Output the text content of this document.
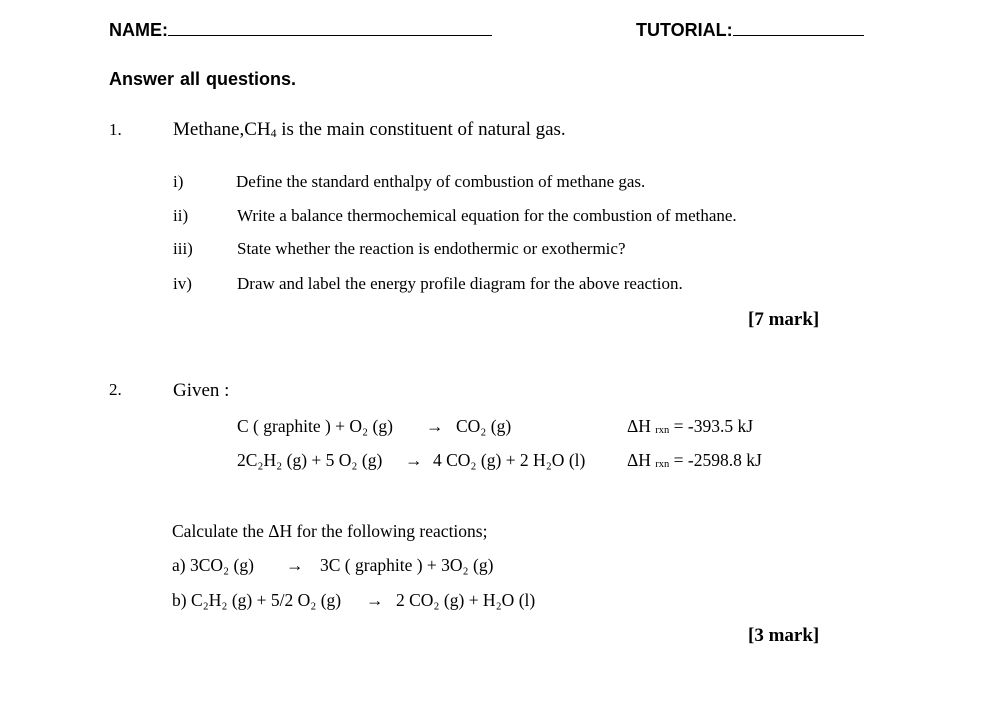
NAME:	TUTORIAL:
Answer all questions.
1.	$Methane,CH_4$ is the main constituent of natural gas.
i)	Define the standard enthalpy of combustion of methane gas.
ii)	Write a balance thermochemical equation for the combustion of methane.
iii)	State whether the reaction is endothermic or exothermic?
iv)	Draw and label the energy profile diagram for the above reaction.
[7 mark]
2.	Given :
C ( graphite ) + O₂ (g) → CO₂ (g)	ΔH $_{rxn}$ = -393.5 kJ
2C₂H₂ (g) + 5 O₂ (g) → 4 CO₂ (g) + 2 H₂O (l) ΔH $_{rxn}$ = -2598.8 kJ
Calculate the ΔH for the following reactions;
a) 3CO₂ (g) → 3C ( graphite ) + 3O₂ (g)
b) C₂H₂ (g) + 5/2 O₂ (g) → 2 CO₂ (g) + H₂O (l)
[3 mark]
